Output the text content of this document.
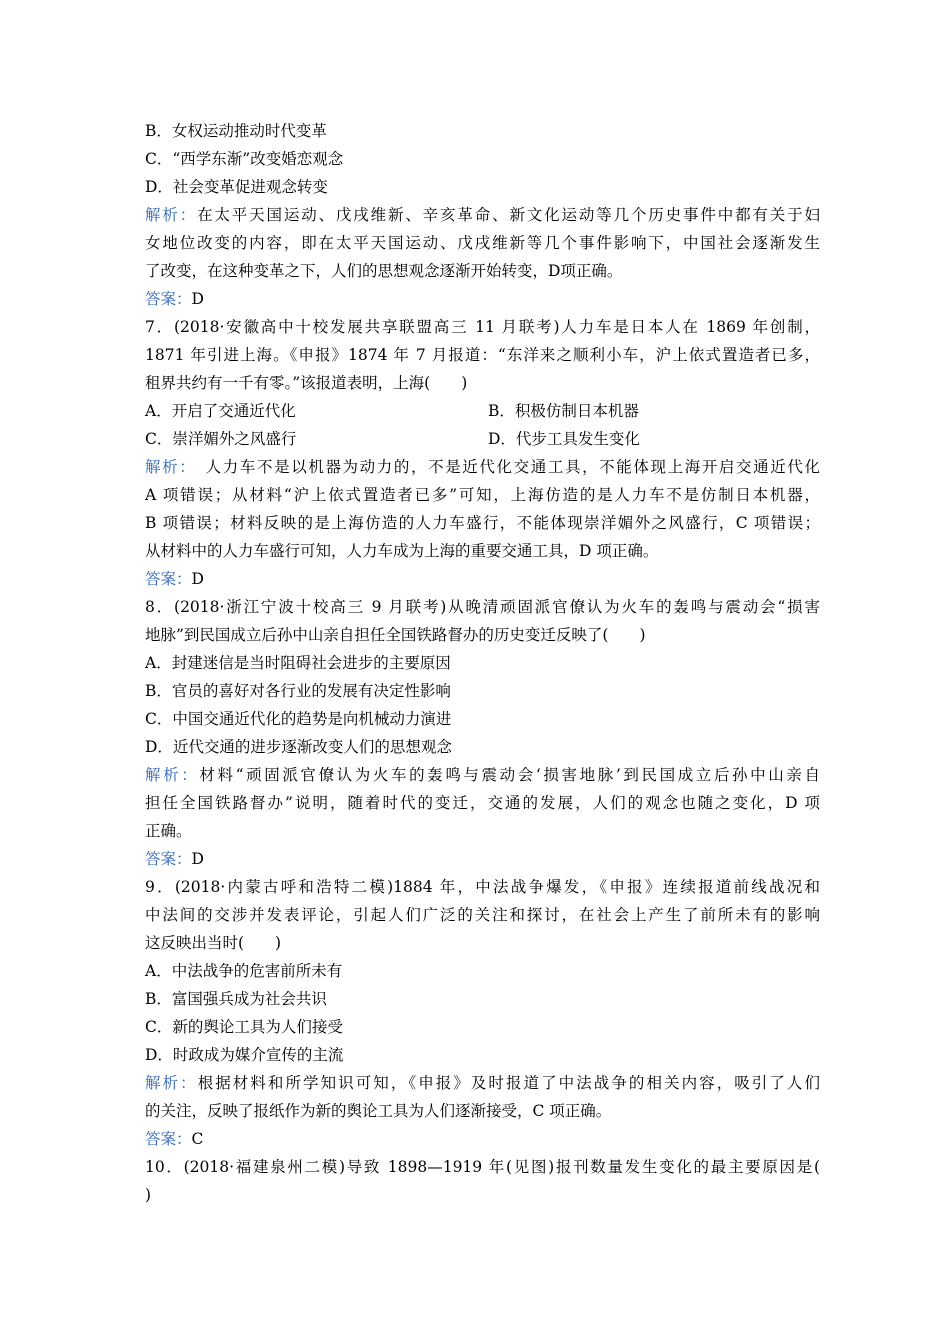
B．女权运动推动时代变革
C．“西学东渐”改变婚恋观念
D．社会变革促进观念转变
解析：在太平天国运动、戊戌维新、辛亥革命、新文化运动等几个历史事件中都有关于妇
女地位改变的内容，即在太平天国运动、戊戌维新等几个事件影响下，中国社会逐渐发生
了改变，在这种变革之下，人们的思想观念逐渐开始转变，D项正确。
答案：D
7．(2018·安徽高中十校发展共享联盟高三 11 月联考)人力车是日本人在 1869 年创制，
1871 年引进上海。《申报》1874 年 7 月报道：“东洋来之顺利小车，沪上依式置造者已多，
租界共约有一千有零。”该报道表明，上海(　　)
A．开启了交通近代化	B．积极仿制日本机器
C．崇洋媚外之风盛行	D．代步工具发生变化
解析：　人力车不是以机器为动力的，不是近代化交通工具，不能体现上海开启交通近代化
A 项错误；从材料“沪上依式置造者已多”可知，上海仿造的是人力车不是仿制日本机器，
B 项错误；材料反映的是上海仿造的人力车盛行，不能体现崇洋媚外之风盛行，C 项错误；
从材料中的人力车盛行可知，人力车成为上海的重要交通工具，D 项正确。
答案：D
8．(2018·浙江宁波十校高三 9 月联考)从晚清顽固派官僚认为火车的轰鸣与震动会“损害
地脉”到民国成立后孙中山亲自担任全国铁路督办的历史变迁反映了(　　)
A．封建迷信是当时阻碍社会进步的主要原因
B．官员的喜好对各行业的发展有决定性影响
C．中国交通近代化的趋势是向机械动力演进
D．近代交通的进步逐渐改变人们的思想观念
解析：材料“顽固派官僚认为火车的轰鸣与震动会‘损害地脉’到民国成立后孙中山亲自
担任全国铁路督办”说明，随着时代的变迁，交通的发展，人们的观念也随之变化，D 项
正确。
答案：D
9．(2018·内蒙古呼和浩特二模)1884 年，中法战争爆发，《申报》连续报道前线战况和
中法间的交涉并发表评论，引起人们广泛的关注和探讨，在社会上产生了前所未有的影响
这反映出当时(　　)
A．中法战争的危害前所未有
B．富国强兵成为社会共识
C．新的舆论工具为人们接受
D．时政成为媒介宣传的主流
解析：根据材料和所学知识可知，《申报》及时报道了中法战争的相关内容，吸引了人们
的关注，反映了报纸作为新的舆论工具为人们逐渐接受，C 项正确。
答案：C
10．(2018·福建泉州二模)导致 1898—1919 年(见图)报刊数量发生变化的最主要原因是(
)
